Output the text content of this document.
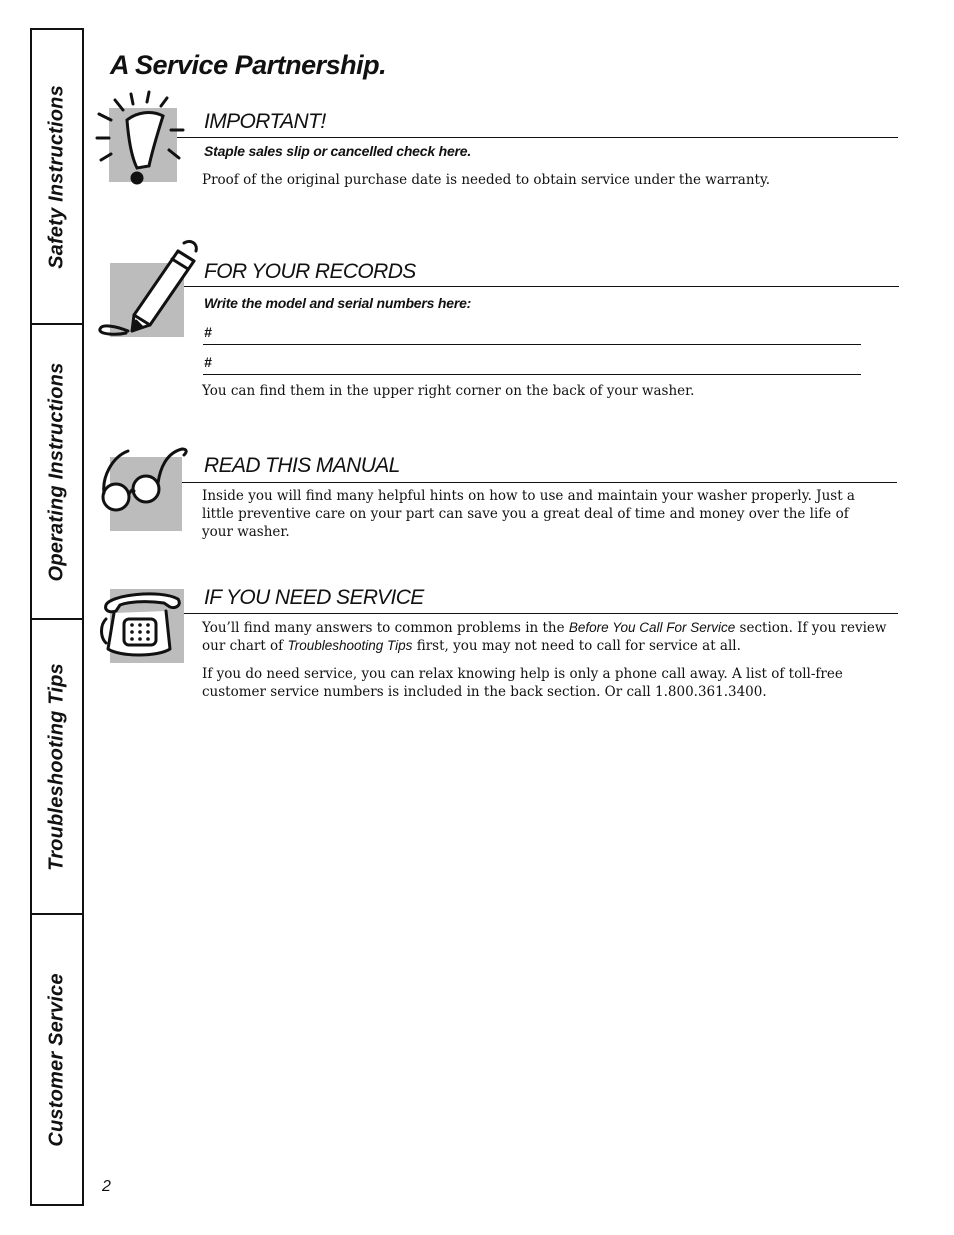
Safety Instructions
Operating Instructions
Troubleshooting Tips
Customer Service
A Service Partnership.
IMPORTANT!
Staple sales slip or cancelled check here.
Proof of the original purchase date is needed to obtain service under the warranty.
FOR YOUR RECORDS
Write the model and serial numbers here:
#
#
You can find them in the upper right corner on the back of your washer.
READ THIS MANUAL
Inside you will find many helpful hints on how to use and maintain your washer properly. Just a little preventive care on your part can save you a great deal of time and money over the life of your washer.
IF YOU NEED SERVICE
You’ll find many answers to common problems in the Before You Call For Service section. If you review our chart of Troubleshooting Tips first, you may not need to call for service at all.
If you do need service, you can relax knowing help is only a phone call away. A list of toll-free customer service numbers is included in the back section. Or call 1.800.361.3400.
2
